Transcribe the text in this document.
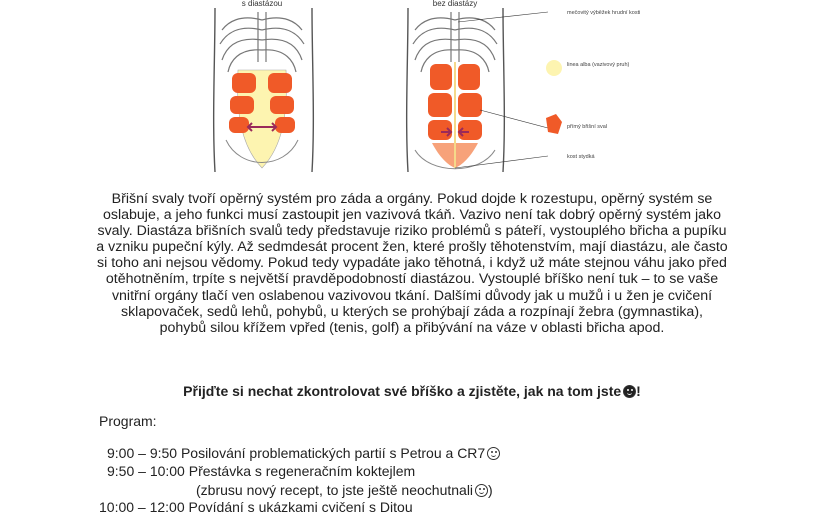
s diastázou	bez diastázy
mečovitý výběžek hrudní kosti
linea alba (vazivový pruh)
přímý břišní sval
kost stydká
Břišní svaly tvoří opěrný systém pro záda a orgány. Pokud dojde k rozestupu, opěrný systém se oslabuje, a jeho funkci musí zastoupit jen vazivová tkáň. Vazivo není tak dobrý opěrný systém jako svaly. Diastáza břišních svalů tedy představuje riziko problémů s páteří, vystouplého břicha a pupíku a vzniku pupeční kýly. Až sedmdesát procent žen, které prošly těhotenstvím, mají diastázu, ale často si toho ani nejsou vědomy. Pokud tedy vypadáte jako těhotná, i když už máte stejnou váhu jako před otěhotněním, trpíte s největší pravděpodobností diastázou. Vystouplé bříško není tuk – to se vaše vnitřní orgány tlačí ven oslabenou vazivovou tkání. Dalšími důvody jak u mužů i u žen je cvičení sklapovaček, sedů lehů, pohybů, u kterých se prohýbají záda a rozpínají žebra (gymnastika), pohybů silou křížem vpřed (tenis, golf) a přibývání na váze v oblasti břicha apod.
Přijďte si nechat zkontrolovat své bříško a zjistěte, jak na tom jste !
Program:
9:00 – 9:50 Posilování problematických partií s Petrou a CR7
9:50 – 10:00 Přestávka s regeneračním koktejlem
(zbrusu nový recept, to jste ještě neochutnali )
10:00 – 12:00 Povídání s ukázkami cvičení s Ditou
